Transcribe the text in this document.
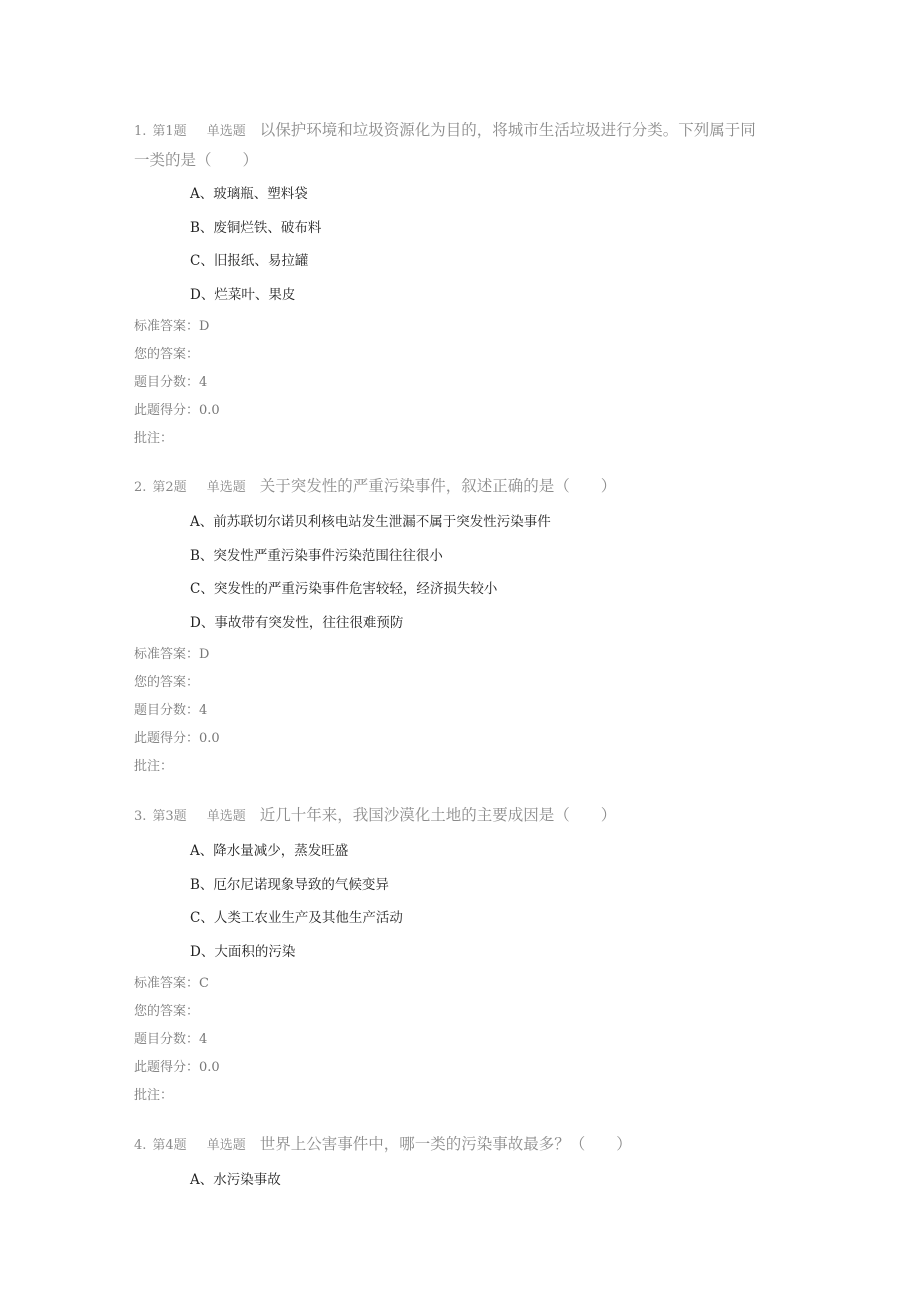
1. 第1题 单选题 以保护环境和垃圾资源化为目的，将城市生活垃圾进行分类。下列属于同
一类的是（　　）
A、玻璃瓶、塑料袋
B、废铜烂铁、破布料
C、旧报纸、易拉罐
D、烂菜叶、果皮
标准答案：D
您的答案：
题目分数：4
此题得分：0.0
批注：
2. 第2题 单选题 关于突发性的严重污染事件，叙述正确的是（　　）
A、前苏联切尔诺贝利核电站发生泄漏不属于突发性污染事件
B、突发性严重污染事件污染范围往往很小
C、突发性的严重污染事件危害较轻，经济损失较小
D、事故带有突发性，往往很难预防
标准答案：D
您的答案：
题目分数：4
此题得分：0.0
批注：
3. 第3题 单选题 近几十年来，我国沙漠化土地的主要成因是（　　）
A、降水量减少，蒸发旺盛
B、厄尔尼诺现象导致的气候变异
C、人类工农业生产及其他生产活动
D、大面积的污染
标准答案：C
您的答案：
题目分数：4
此题得分：0.0
批注：
4. 第4题 单选题 世界上公害事件中，哪一类的污染事故最多？（　　）
A、水污染事故
